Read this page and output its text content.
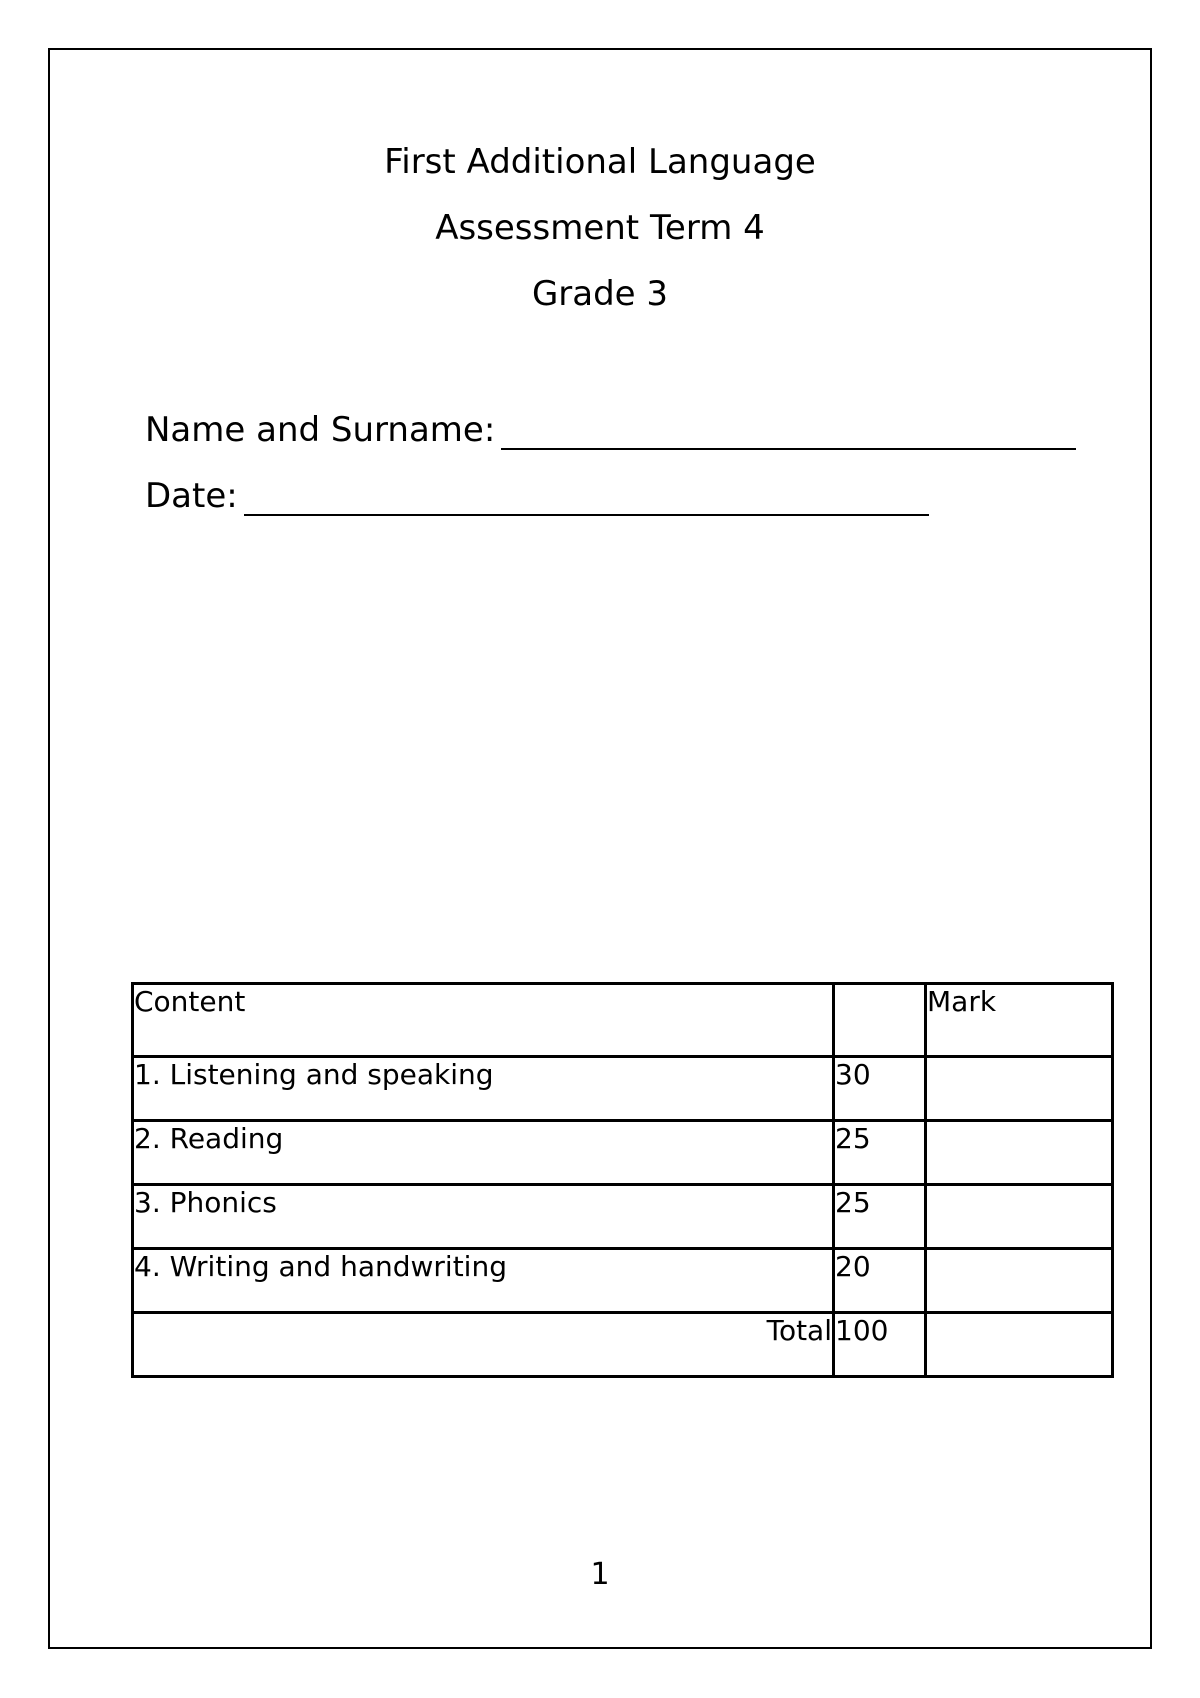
First Additional Language
Assessment Term 4
Grade 3
Name and Surname:
Date:
Content		Mark
1. Listening and speaking	30	
2. Reading	25	
3. Phonics	25	
4. Writing and handwriting	20	
Total	100	
1
